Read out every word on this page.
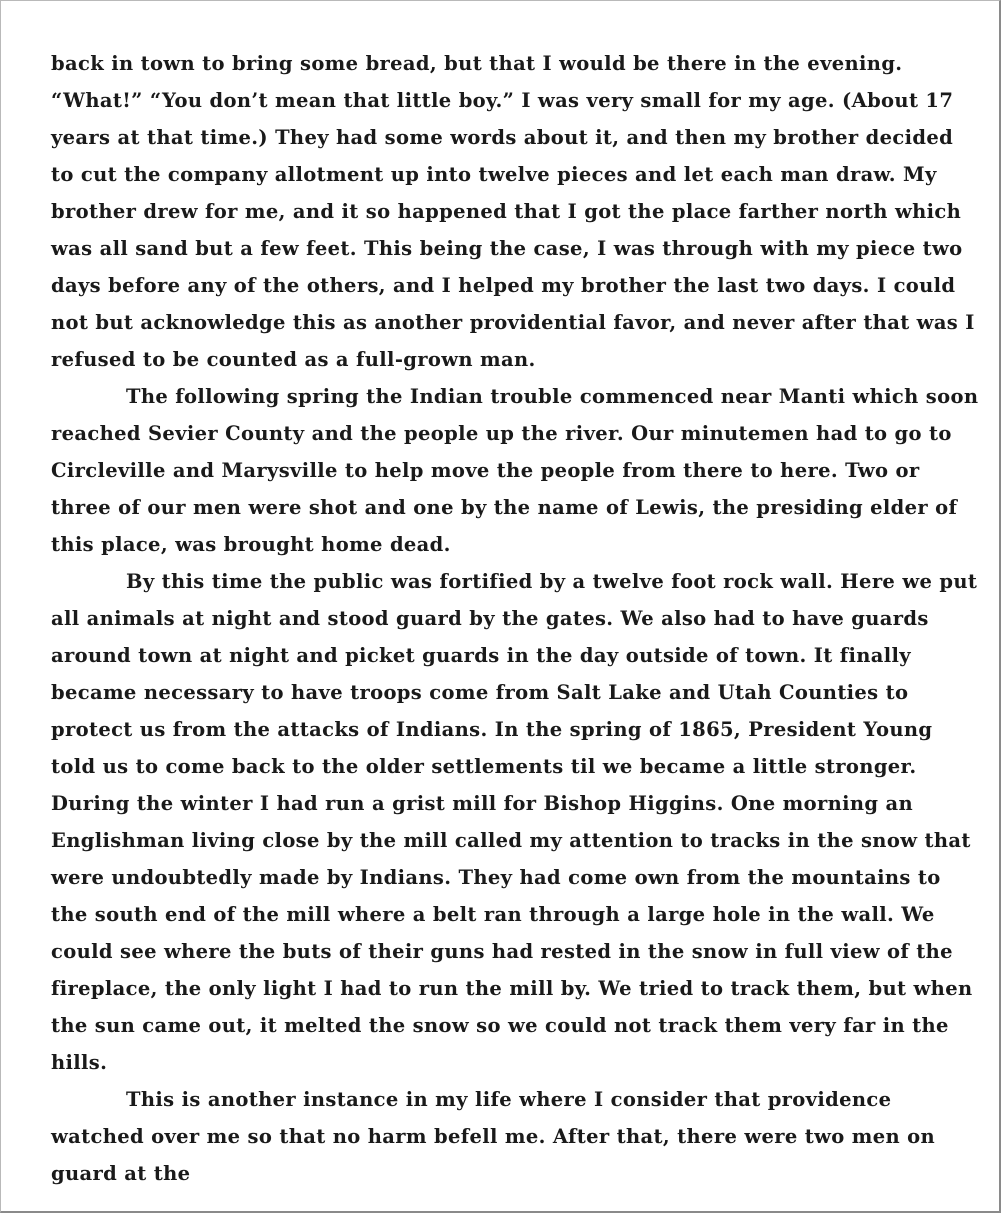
back in town to bring some bread, but that I would be there in the evening.
“What!” “You don’t mean that little boy.” I was very small for my age. (About 17
years at that time.) They had some words about it, and then my brother decided
to cut the company allotment up into twelve pieces and let each man draw. My
brother drew for me, and it so happened that I got the place farther north which
was all sand but a few feet. This being the case, I was through with my piece two
days before any of the others, and I helped my brother the last two days. I could
not but acknowledge this as another providential favor, and never after that was I
refused to be counted as a full-grown man.
The following spring the Indian trouble commenced near Manti which soon
reached Sevier County and the people up the river. Our minutemen had to go to
Circleville and Marysville to help move the people from there to here. Two or
three of our men were shot and one by the name of Lewis, the presiding elder of
this place, was brought home dead.
By this time the public was fortified by a twelve foot rock wall. Here we put
all animals at night and stood guard by the gates. We also had to have guards
around town at night and picket guards in the day outside of town. It finally
became necessary to have troops come from Salt Lake and Utah Counties to
protect us from the attacks of Indians. In the spring of 1865, President Young
told us to come back to the older settlements til we became a little stronger.
During the winter I had run a grist mill for Bishop Higgins. One morning an
Englishman living close by the mill called my attention to tracks in the snow that
were undoubtedly made by Indians. They had come own from the mountains to
the south end of the mill where a belt ran through a large hole in the wall. We
could see where the buts of their guns had rested in the snow in full view of the
fireplace, the only light I had to run the mill by. We tried to track them, but when
the sun came out, it melted the snow so we could not track them very far in the
hills.
This is another instance in my life where I consider that providence
watched over me so that no harm befell me. After that, there were two men on
guard at the
